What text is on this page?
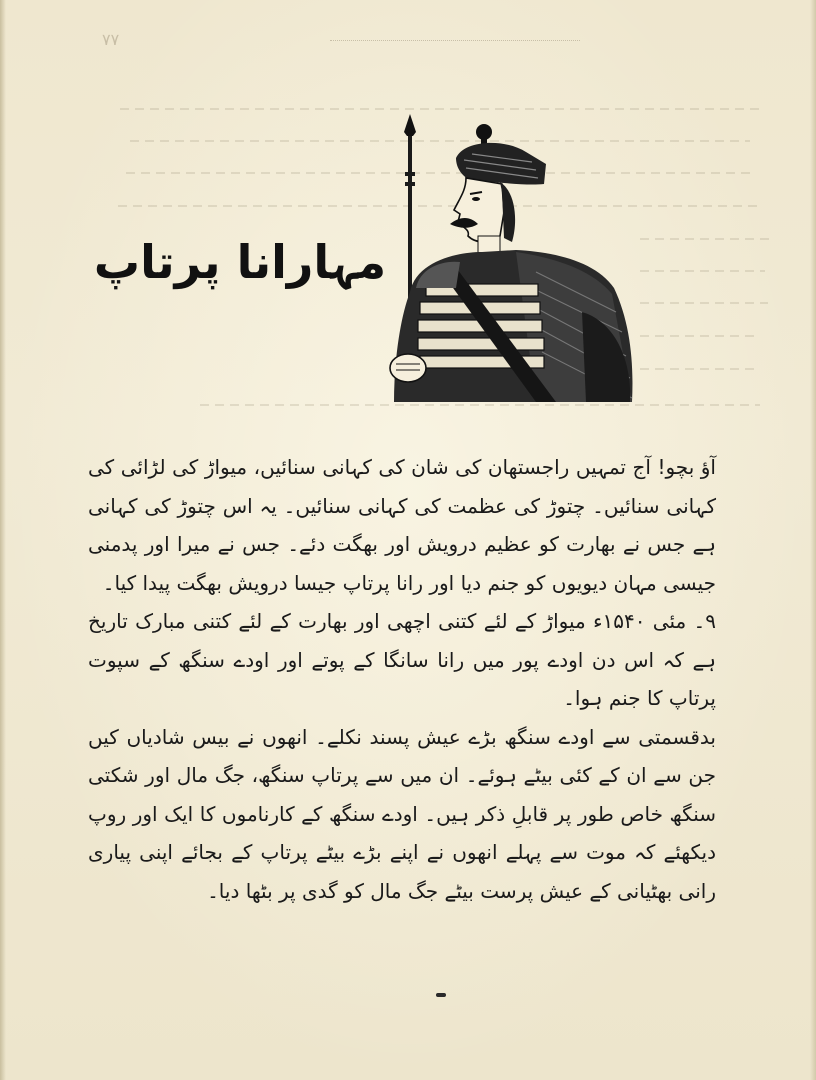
۷۷
مہارانا پرتاپ

آؤ بچو! آج تمہیں راجستھان کی شان کی کہانی سنائیں، میواڑ کی لڑائی کی کہانی سنائیں۔ چتوڑ کی عظمت کی کہانی سنائیں۔ یہ اس چتوڑ کی کہانی ہے جس نے بھارت کو عظیم درویش اور بھگت دئے۔ جس نے میرا اور پدمنی جیسی مہان دیویوں کو جنم دیا اور رانا پرتاپ جیسا درویش بھگت پیدا کیا۔

۹۔ مئی ۱۵۴۰ء میواڑ کے لئے کتنی اچھی اور بھارت کے لئے کتنی مبارک تاریخ ہے کہ اس دن اودے پور میں رانا سانگا کے پوتے اور اودے سنگھ کے سپوت پرتاپ کا جنم ہوا۔

بدقسمتی سے اودے سنگھ بڑے عیش پسند نکلے۔ انھوں نے بیس شادیاں کیں جن سے ان کے کئی بیٹے ہوئے۔ ان میں سے پرتاپ سنگھ، جگ مال اور شکتی سنگھ خاص طور پر قابلِ ذکر ہیں۔ اودے سنگھ کے کارناموں کا ایک اور روپ دیکھئے کہ موت سے پہلے انھوں نے اپنے بڑے بیٹے پرتاپ کے بجائے اپنی پیاری رانی بھٹیانی کے عیش پرست بیٹے جگ مال کو گدی پر بٹھا دیا۔
